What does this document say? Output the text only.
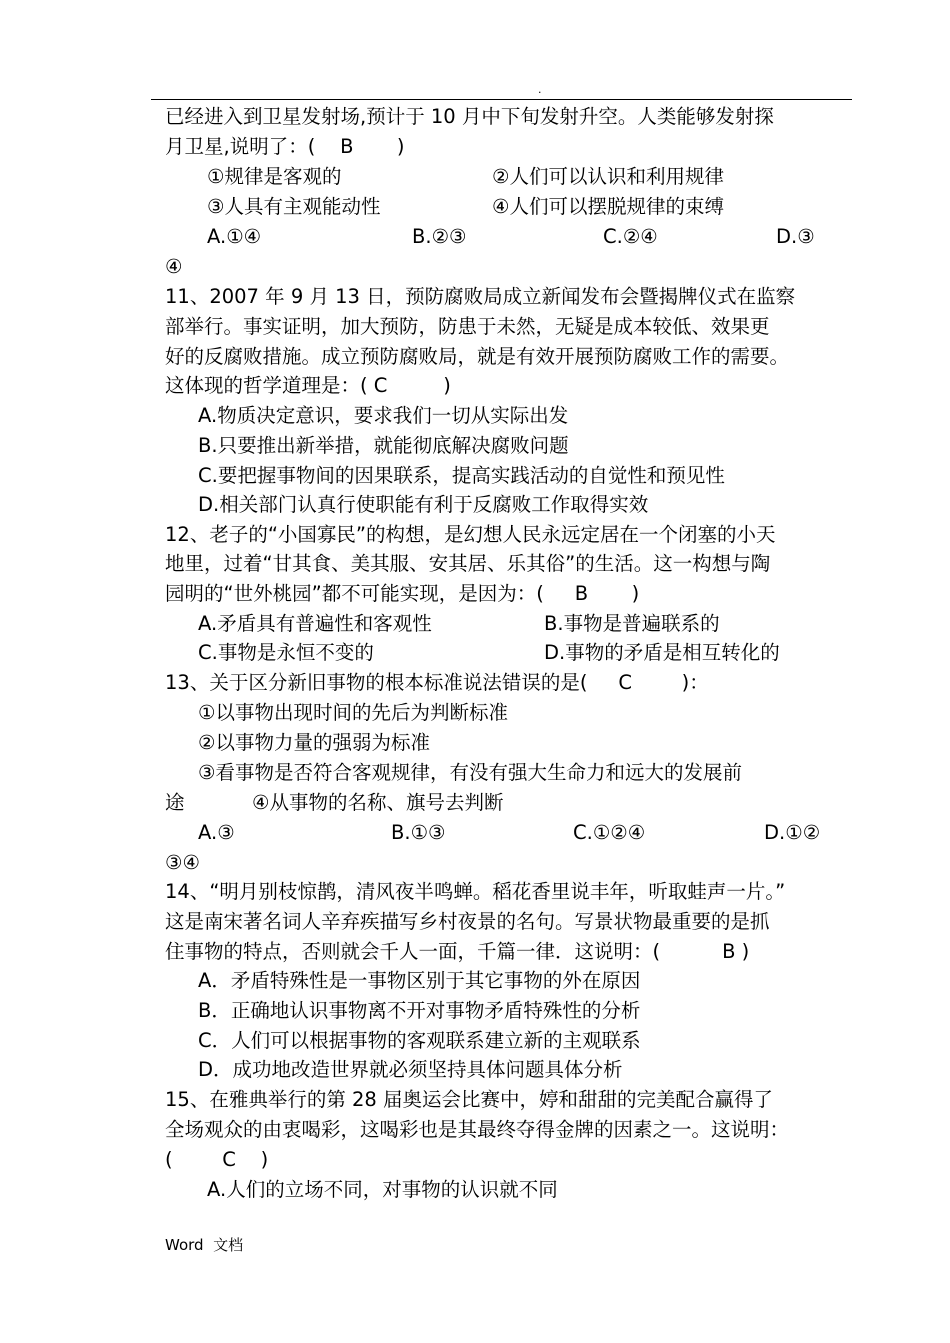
.
已经进入到卫星发射场,预计于 10 月中下旬发射升空。人类能够发射探
月卫星,说明了：(    B       )
①规律是客观的	②人们可以认识和利用规律
③人具有主观能动性	④人们可以摆脱规律的束缚
A.①④	B.②③	C.②④	D.③
④
11、2007 年 9 月 13 日，预防腐败局成立新闻发布会暨揭牌仪式在监察
部举行。事实证明，加大预防，防患于未然，无疑是成本较低、效果更
好的反腐败措施。成立预防腐败局，就是有效开展预防腐败工作的需要。
这体现的哲学道理是：( C         )
A.物质决定意识，要求我们一切从实际出发
B.只要推出新举措，就能彻底解决腐败问题
C.要把握事物间的因果联系，提高实践活动的自觉性和预见性
D.相关部门认真行使职能有利于反腐败工作取得实效
12、老子的“小国寡民”的构想，是幻想人民永远定居在一个闭塞的小天
地里，过着“甘其食、美其服、安其居、乐其俗”的生活。这一构想与陶
园明的“世外桃园”都不可能实现，是因为：(     B       )
A.矛盾具有普遍性和客观性	B.事物是普遍联系的
C.事物是永恒不变的	D.事物的矛盾是相互转化的
13、关于区分新旧事物的根本标准说法错误的是(     C        )：
①以事物出现时间的先后为判断标准
②以事物力量的强弱为标准
③看事物是否符合客观规律，有没有强大生命力和远大的发展前
途	④从事物的名称、旗号去判断
A.③	B.①③	C.①②④	D.①②
③④
14、“明月别枝惊鹊，清风夜半鸣蝉。稻花香里说丰年，听取蛙声一片。”
这是南宋著名词人辛弃疾描写乡村夜景的名句。写景状物最重要的是抓
住事物的特点，否则就会千人一面，千篇一律．这说明：(          B )
A．矛盾特殊性是一事物区别于其它事物的外在原因
B．正确地认识事物离不开对事物矛盾特殊性的分析
C．人们可以根据事物的客观联系建立新的主观联系
D．成功地改造世界就必须坚持具体问题具体分析
15、在雅典举行的第 28 届奥运会比赛中，婷和甜甜的完美配合赢得了
全场观众的由衷喝彩，这喝彩也是其最终夺得金牌的因素之一。这说明：
(        C    )
A.人们的立场不同，对事物的认识就不同
Word  文档
